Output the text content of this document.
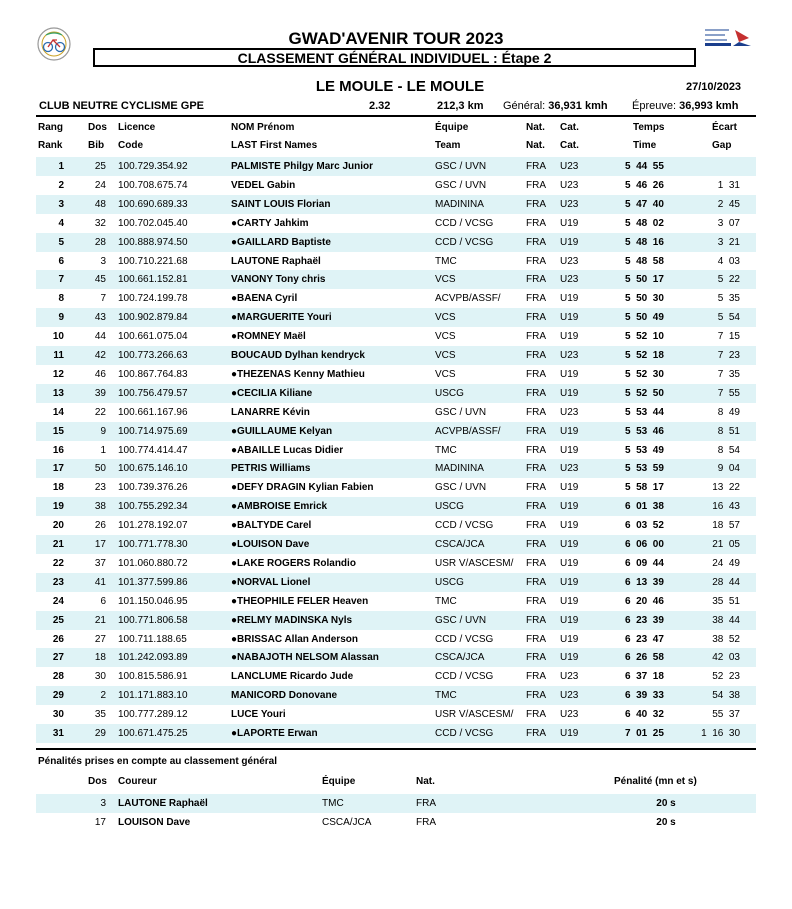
GWAD'AVENIR TOUR 2023
CLASSEMENT GÉNÉRAL INDIVIDUEL : Étape 2
LE MOULE - LE MOULE	27/10/2023
CLUB NEUTRE CYCLISME GPE	2.32	212,3 km Général: 36,931 kmh Épreuve: 36,993 kmh
Rang
Rank
Dos
Bib
Licence
Code
NOM Prénom
LAST First Names
Équipe
Team
Nat.
Nat.
Cat.
Cat.
Temps
Time
Écart
Gap
1	25 100.729.354.92	PALMISTE Philgy Marc Junior	GSC / UVN	FRA	U23	5  44  55
2	24 100.708.675.74	VEDEL Gabin	GSC / UVN	FRA	U23	5  46  26	1  31
3	48 100.690.689.33	SAINT LOUIS Florian	MADININA	FRA	U23	5  47  40	2  45
4	32 100.702.045.40	●CARTY Jahkim	CCD / VCSG	FRA	U19	5  48  02	3  07
5	28 100.888.974.50	●GAILLARD Baptiste	CCD / VCSG	FRA	U19	5  48  16	3  21
6	3 100.710.221.68	LAUTONE Raphaël	TMC	FRA	U23	5  48  58	4  03
7	45 100.661.152.81	VANONY Tony chris	VCS	FRA	U23	5  50  17	5  22
8	7 100.724.199.78	●BAENA Cyril	ACVPB/ASSF/	FRA	U19	5  50  30	5  35
9	43 100.902.879.84	●MARGUERITE Youri	VCS	FRA	U19	5  50  49	5  54
10	44 100.661.075.04	●ROMNEY Maël	VCS	FRA	U19	5  52  10	7  15
11	42 100.773.266.63	BOUCAUD Dylhan kendryck	VCS	FRA	U23	5  52  18	7  23
12	46 100.867.764.83	●THEZENAS Kenny Mathieu	VCS	FRA	U19	5  52  30	7  35
13	39 100.756.479.57	●CECILIA Kiliane	USCG	FRA	U19	5  52  50	7  55
14	22 100.661.167.96	LANARRE Kévin	GSC / UVN	FRA	U23	5  53  44	8  49
15	9 100.714.975.69	●GUILLAUME Kelyan	ACVPB/ASSF/	FRA	U19	5  53  46	8  51
16	1 100.774.414.47	●ABAILLE Lucas Didier	TMC	FRA	U19	5  53  49	8  54
17	50 100.675.146.10	PETRIS Williams	MADININA	FRA	U23	5  53  59	9  04
18	23 100.739.376.26	●DEFY DRAGIN Kylian Fabien	GSC / UVN	FRA	U19	5  58  17	13  22
19	38 100.755.292.34	●AMBROISE Emrick	USCG	FRA	U19	6  01  38	16  43
20	26 101.278.192.07	●BALTYDE Carel	CCD / VCSG	FRA	U19	6  03  52	18  57
21	17 100.771.778.30	●LOUISON Dave	CSCA/JCA	FRA	U19	6  06  00	21  05
22	37 101.060.880.72	●LAKE ROGERS Rolandio	USR V/ASCESM/	FRA	U19	6  09  44	24  49
23	41 101.377.599.86	●NORVAL Lionel	USCG	FRA	U19	6  13  39	28  44
24	6 101.150.046.95	●THEOPHILE FELER Heaven	TMC	FRA	U19	6  20  46	35  51
25	21 100.771.806.58	●RELMY MADINSKA Nyls	GSC / UVN	FRA	U19	6  23  39	38  44
26	27 100.711.188.65	●BRISSAC Allan Anderson	CCD / VCSG	FRA	U19	6  23  47	38  52
27	18 101.242.093.89	●NABAJOTH NELSOM Alassan	CSCA/JCA	FRA	U19	6  26  58	42  03
28	30 100.815.586.91	LANCLUME Ricardo Jude	CCD / VCSG	FRA	U23	6  37  18	52  23
29	2 101.171.883.10	MANICORD Donovane	TMC	FRA	U23	6  39  33	54  38
30	35 100.777.289.12	LUCE Youri	USR V/ASCESM/	FRA	U23	6  40  32	55  37
31	29 100.671.475.25	●LAPORTE Erwan	CCD / VCSG	FRA	U19	7  01  25	1  16  30
Pénalités prises en compte au classement général
Dos Coureur	Équipe	Nat.	Pénalité (mn et s)
3 LAUTONE Raphaël	TMC	FRA	20 s
17 LOUISON Dave	CSCA/JCA	FRA	20 s
